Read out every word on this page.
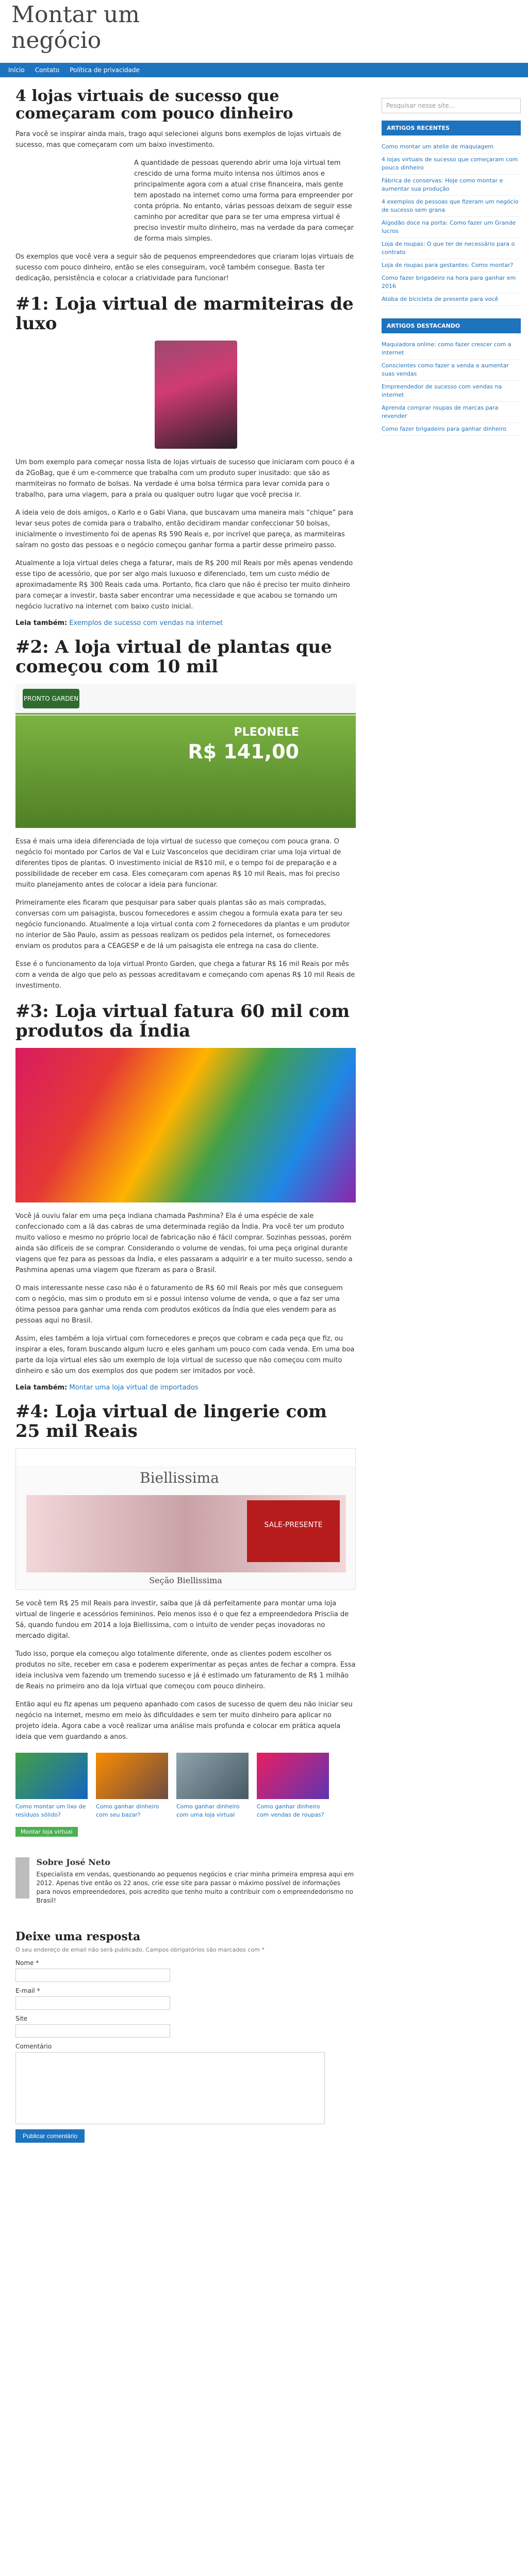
Montar um negócio
Início	Contato	Política de privacidade
4 lojas virtuais de sucesso que começaram com pouco dinheiro

Para você se inspirar ainda mais, trago aqui selecionei alguns bons exemplos de lojas virtuais de sucesso, mas que começaram com um baixo investimento.

A quantidade de pessoas querendo abrir uma loja virtual tem crescido de uma forma muito intensa nos últimos anos e principalmente agora com a atual crise financeira, mais gente tem apostado na internet como uma forma para empreender por conta própria. No entanto, várias pessoas deixam de seguir esse caminho por acreditar que para se ter uma empresa virtual é preciso investir muito dinheiro, mas na verdade da para começar de forma mais simples.

Os exemplos que você vera a seguir são de pequenos empreendedores que criaram lojas virtuais de sucesso com pouco dinheiro, então se eles conseguiram, você também consegue. Basta ter dedicação, persistência e colocar a criatividade para funcionar!

#1: Loja virtual de marmiteiras de luxo

Um bom exemplo para começar nossa lista de lojas virtuais de sucesso que iniciaram com pouco é a da 2GoBag, que é um e-commerce que trabalha com um produto super inusitado: que são as marmiteiras no formato de bolsas. Na verdade é uma bolsa térmica para levar comida para o trabalho, para uma viagem, para a praia ou qualquer outro lugar que você precisa ir.

A ideia veio de dois amigos, o Karlo e o Gabi Viana, que buscavam uma maneira mais “chique” para levar seus potes de comida para o trabalho, então decidiram mandar confeccionar 50 bolsas, inicialmente o investimento foi de apenas R$ 590 Reais e, por incrível que pareça, as marmiteiras saíram no gosto das pessoas e o negócio começou ganhar forma a partir desse primeiro passo.

Atualmente a loja virtual deles chega a faturar, mais de R$ 200 mil Reais por mês apenas vendendo esse tipo de acessório, que por ser algo mais luxuoso e diferenciado, tem um custo médio de aproximadamente R$ 300 Reais cada uma. Portanto, fica claro que não é preciso ter muito dinheiro para começar a investir, basta saber encontrar uma necessidade e que acabou se tornando um negócio lucrativo na internet com baixo custo inicial.

Leia também: Exemplos de sucesso com vendas na internet
#2: A loja virtual de plantas que começou com 10 mil
PRONTO GARDEN
PLEONELE
R$ 141,00

Essa é mais uma ideia diferenciada de loja virtual de sucesso que começou com pouca grana. O negócio foi montado por Carlos de Val e Luiz Vasconcelos que decidiram criar uma loja virtual de diferentes tipos de plantas. O investimento inicial de R$10 mil, e o tempo foi de preparação e a possibilidade de receber em casa. Eles começaram com apenas R$ 10 mil Reais, mas foi preciso muito planejamento antes de colocar a ideia para funcionar.

Primeiramente eles ficaram que pesquisar para saber quais plantas são as mais compradas, conversas com um paisagista, buscou fornecedores e assim chegou a formula exata para ter seu negócio funcionando. Atualmente a loja virtual conta com 2 fornecedores da plantas e um produtor no interior de São Paulo, assim as pessoas realizam os pedidos pela internet, os fornecedores enviam os produtos para a CEAGESP e de lá um paisagista ele entrega na casa do cliente.

Esse é o funcionamento da loja virtual Pronto Garden, que chega a faturar R$ 16 mil Reais por mês com a venda de algo que pelo as pessoas acreditavam e começando com apenas R$ 10 mil Reais de investimento.

#3: Loja virtual fatura 60 mil com produtos da Índia

Você já ouviu falar em uma peça indiana chamada Pashmina? Ela é uma espécie de xale confeccionado com a lã das cabras de uma determinada região da Índia. Pra você ter um produto muito valioso e mesmo no próprio local de fabricação não é fácil comprar. Sozinhas pessoas, porém ainda são difíceis de se comprar. Considerando o volume de vendas, foi uma peça original durante viagens que fez para as pessoas da Índia, e eles passaram a adquirir e a ter muito sucesso, sendo a Pashmina apenas uma viagem que fizeram as para o Brasil.

O mais interessante nesse caso não é o faturamento de R$ 60 mil Reais por mês que conseguem com o negócio, mas sim o produto em si e possui intenso volume de venda, o que a faz ser uma ótima pessoa para ganhar uma renda com produtos exóticos da Índia que eles vendem para as pessoas aqui no Brasil.

Assim, eles também a loja virtual com fornecedores e preços que cobram e cada peça que fiz, ou inspirar a eles, foram buscando algum lucro e eles ganham um pouco com cada venda. Em uma boa parte da loja virtual eles são um exemplo de loja virtual de sucesso que não começou com muito dinheiro e são um dos exemplos dos que podem ser imitados por você.

Leia também: Montar uma loja virtual de importados
#4: Loja virtual de lingerie com 25 mil Reais
Biellissima
SALE-PRESENTE
Seção Biellissima

Se você tem R$ 25 mil Reais para investir, saiba que já dá perfeitamente para montar uma loja virtual de lingerie e acessórios femininos. Pelo menos isso é o que fez a empreendedora Prisciia de Sá, quando fundou em 2014 a loja Biellissima, com o intuito de vender peças inovadoras no mercado digital.

Tudo isso, porque ela começou algo totalmente diferente, onde as clientes podem escolher os produtos no site, receber em casa e poderem experimentar as peças antes de fechar a compra. Essa ideia inclusiva vem fazendo um tremendo sucesso e já é estimado um faturamento de R$ 1 milhão de Reais no primeiro ano da loja virtual que começou com pouco dinheiro.

Então aqui eu fiz apenas um pequeno apanhado com casos de sucesso de quem deu não iniciar seu negócio na internet, mesmo em meio às dificuldades e sem ter muito dinheiro para aplicar no projeto ideia. Agora cabe a você realizar uma análise mais profunda e colocar em prática aquela ideia que vem guardando a anos.

Como montar um lixo de resíduos sólido?
Como ganhar dinheiro com seu bazar?
Como ganhar dinheiro com uma loja virtual
Como ganhar dinheiro com vendas de roupas?
Montar loja virtual
Sobre José Neto

Especialista em vendas, questionando ao pequenos negócios e criar minha primeira empresa aqui em 2012. Apenas tive então os 22 anos, crie esse site para passar o máximo possível de informações para novos empreendedores, pois acredito que tenho muito a contribuir com o empreendedorismo no Brasil!

Deixe uma resposta
O seu endereço de email não será publicado. Campos obrigatórios são marcados com *
Nome *
E-mail *
Site
Comentário
Publicar comentário
Pesquisar nesse site...
ARTIGOS RECENTES
Como montar um atelie de maquiagem
4 lojas virtuais de sucesso que começaram com pouco dinheiro
Fábrica de conservas: Hoje como montar e aumentar sua produção
4 exemplos de pessoas que fizeram um negócio de sucesso sem grana
Algodão doce na porta: Como fazer um Grande lucros
Loja de roupas: O que ter de necessário para o contrato
Loja de roupas para gestantes: Como montar?
Como fazer brigadeiro na hora para ganhar em 2016
Atoba de bicicleta de presente para você
ARTIGOS DESTACANDO
Maquiadora online: como fazer crescer com a internet
Conscientes como fazer a venda e aumentar suas vendas
Empreendedor de sucesso com vendas na internet
Aprenda comprar roupas de marcas para revender
Como fazer brigadeiro para ganhar dinheiro
